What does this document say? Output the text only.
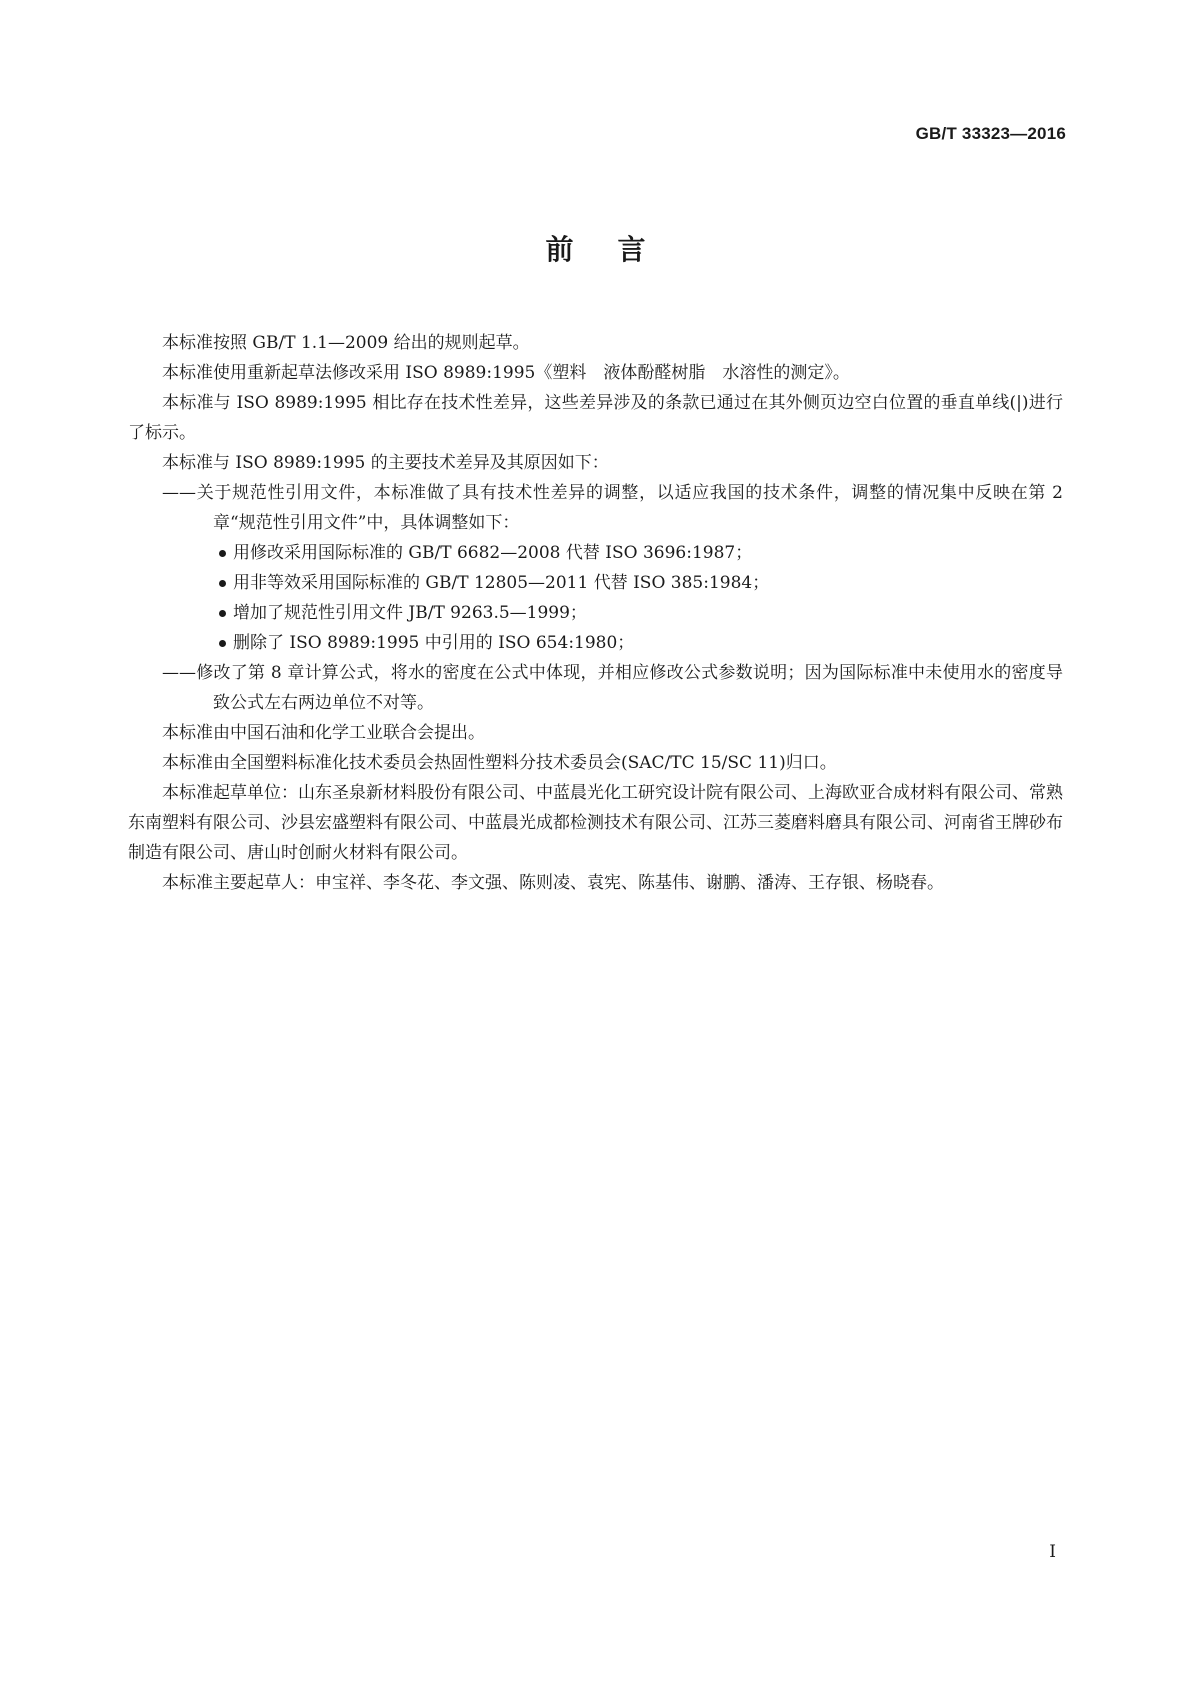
GB/T 33323—2016
前言

本标准按照 GB/T 1.1—2009 给出的规则起草。

本标准使用重新起草法修改采用 ISO 8989:1995《塑料　液体酚醛树脂　水溶性的测定》。

本标准与 ISO 8989:1995 相比存在技术性差异，这些差异涉及的条款已通过在其外侧页边空白位置的垂直单线(|)进行了标示。

本标准与 ISO 8989:1995 的主要技术差异及其原因如下：

——关于规范性引用文件，本标准做了具有技术性差异的调整，以适应我国的技术条件，调整的情况集中反映在第 2 章“规范性引用文件”中，具体调整如下：

用修改采用国际标准的 GB/T 6682—2008 代替 ISO 3696:1987；
用非等效采用国际标准的 GB/T 12805—2011 代替 ISO 385:1984；
增加了规范性引用文件 JB/T 9263.5—1999；
删除了 ISO 8989:1995 中引用的 ISO 654:1980；

——修改了第 8 章计算公式，将水的密度在公式中体现，并相应修改公式参数说明；因为国际标准中未使用水的密度导致公式左右两边单位不对等。

本标准由中国石油和化学工业联合会提出。

本标准由全国塑料标准化技术委员会热固性塑料分技术委员会(SAC/TC 15/SC 11)归口。

本标准起草单位：山东圣泉新材料股份有限公司、中蓝晨光化工研究设计院有限公司、上海欧亚合成材料有限公司、常熟东南塑料有限公司、沙县宏盛塑料有限公司、中蓝晨光成都检测技术有限公司、江苏三菱磨料磨具有限公司、河南省王牌砂布制造有限公司、唐山时创耐火材料有限公司。

本标准主要起草人：申宝祥、李冬花、李文强、陈则凌、袁宪、陈基伟、谢鹏、潘涛、王存银、杨晓春。

I
